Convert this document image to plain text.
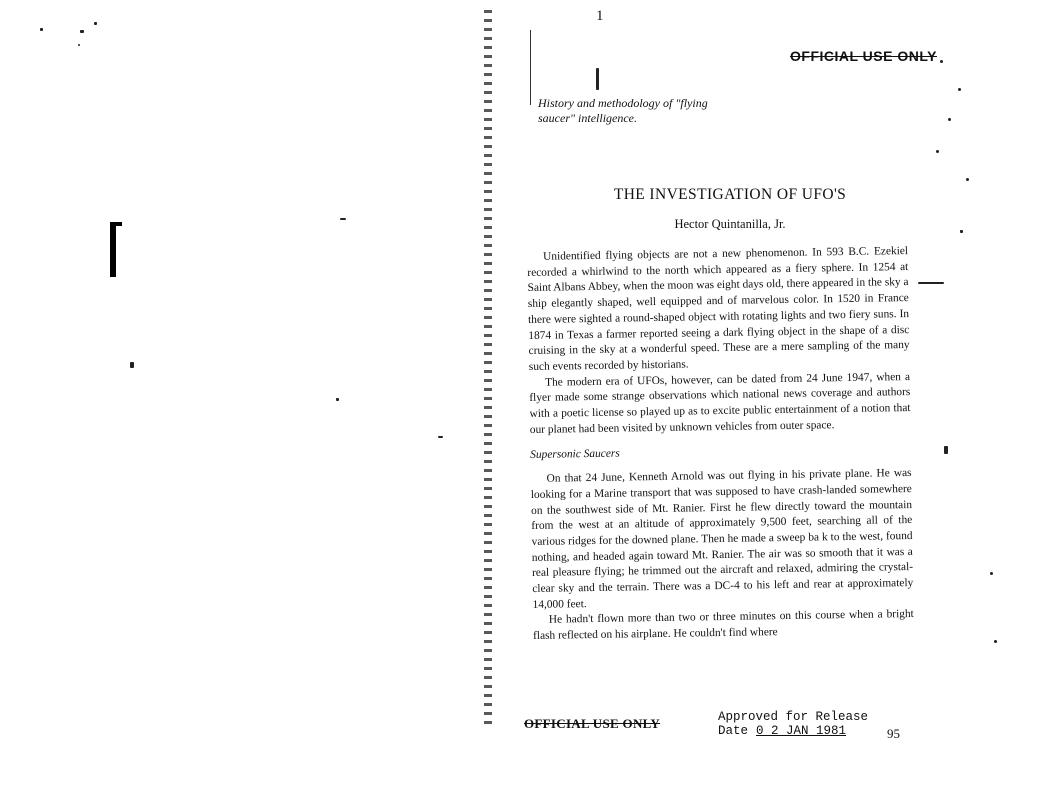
1
OFFICIAL USE ONLY
History and methodology of "flying saucer" intelligence.
THE INVESTIGATION OF UFO'S
Hector Quintanilla, Jr.

Unidentified flying objects are not a new phenomenon. In 593 B.C. Ezekiel recorded a whirlwind to the north which appeared as a fiery sphere. In 1254 at Saint Albans Abbey, when the moon was eight days old, there appeared in the sky a ship elegantly shaped, well equipped and of marvelous color. In 1520 in France there were sighted a round-shaped object with rotating lights and two fiery suns. In 1874 in Texas a farmer reported seeing a dark flying object in the shape of a disc cruising in the sky at a wonderful speed. These are a mere sampling of the many such events recorded by historians.

The modern era of UFOs, however, can be dated from 24 June 1947, when a flyer made some strange observations which national news coverage and authors with a poetic license so played up as to excite public entertainment of a notion that our planet had been visited by unknown vehicles from outer space.

Supersonic Saucers

On that 24 June, Kenneth Arnold was out flying in his private plane. He was looking for a Marine transport that was supposed to have crash-landed somewhere on the southwest side of Mt. Ranier. First he flew directly toward the mountain from the west at an altitude of approximately 9,500 feet, searching all of the various ridges for the downed plane. Then he made a sweep ba k to the west, found nothing, and headed again toward Mt. Ranier. The air was so smooth that it was a real pleasure flying; he trimmed out the aircraft and relaxed, admiring the crystal-clear sky and the terrain. There was a DC-4 to his left and rear at approximately 14,000 feet.

He hadn't flown more than two or three minutes on this course when a bright flash reflected on his airplane. He couldn't find where

OFFICIAL USE ONLY	Approved for Release
Date 0 2 JAN 1981	95
